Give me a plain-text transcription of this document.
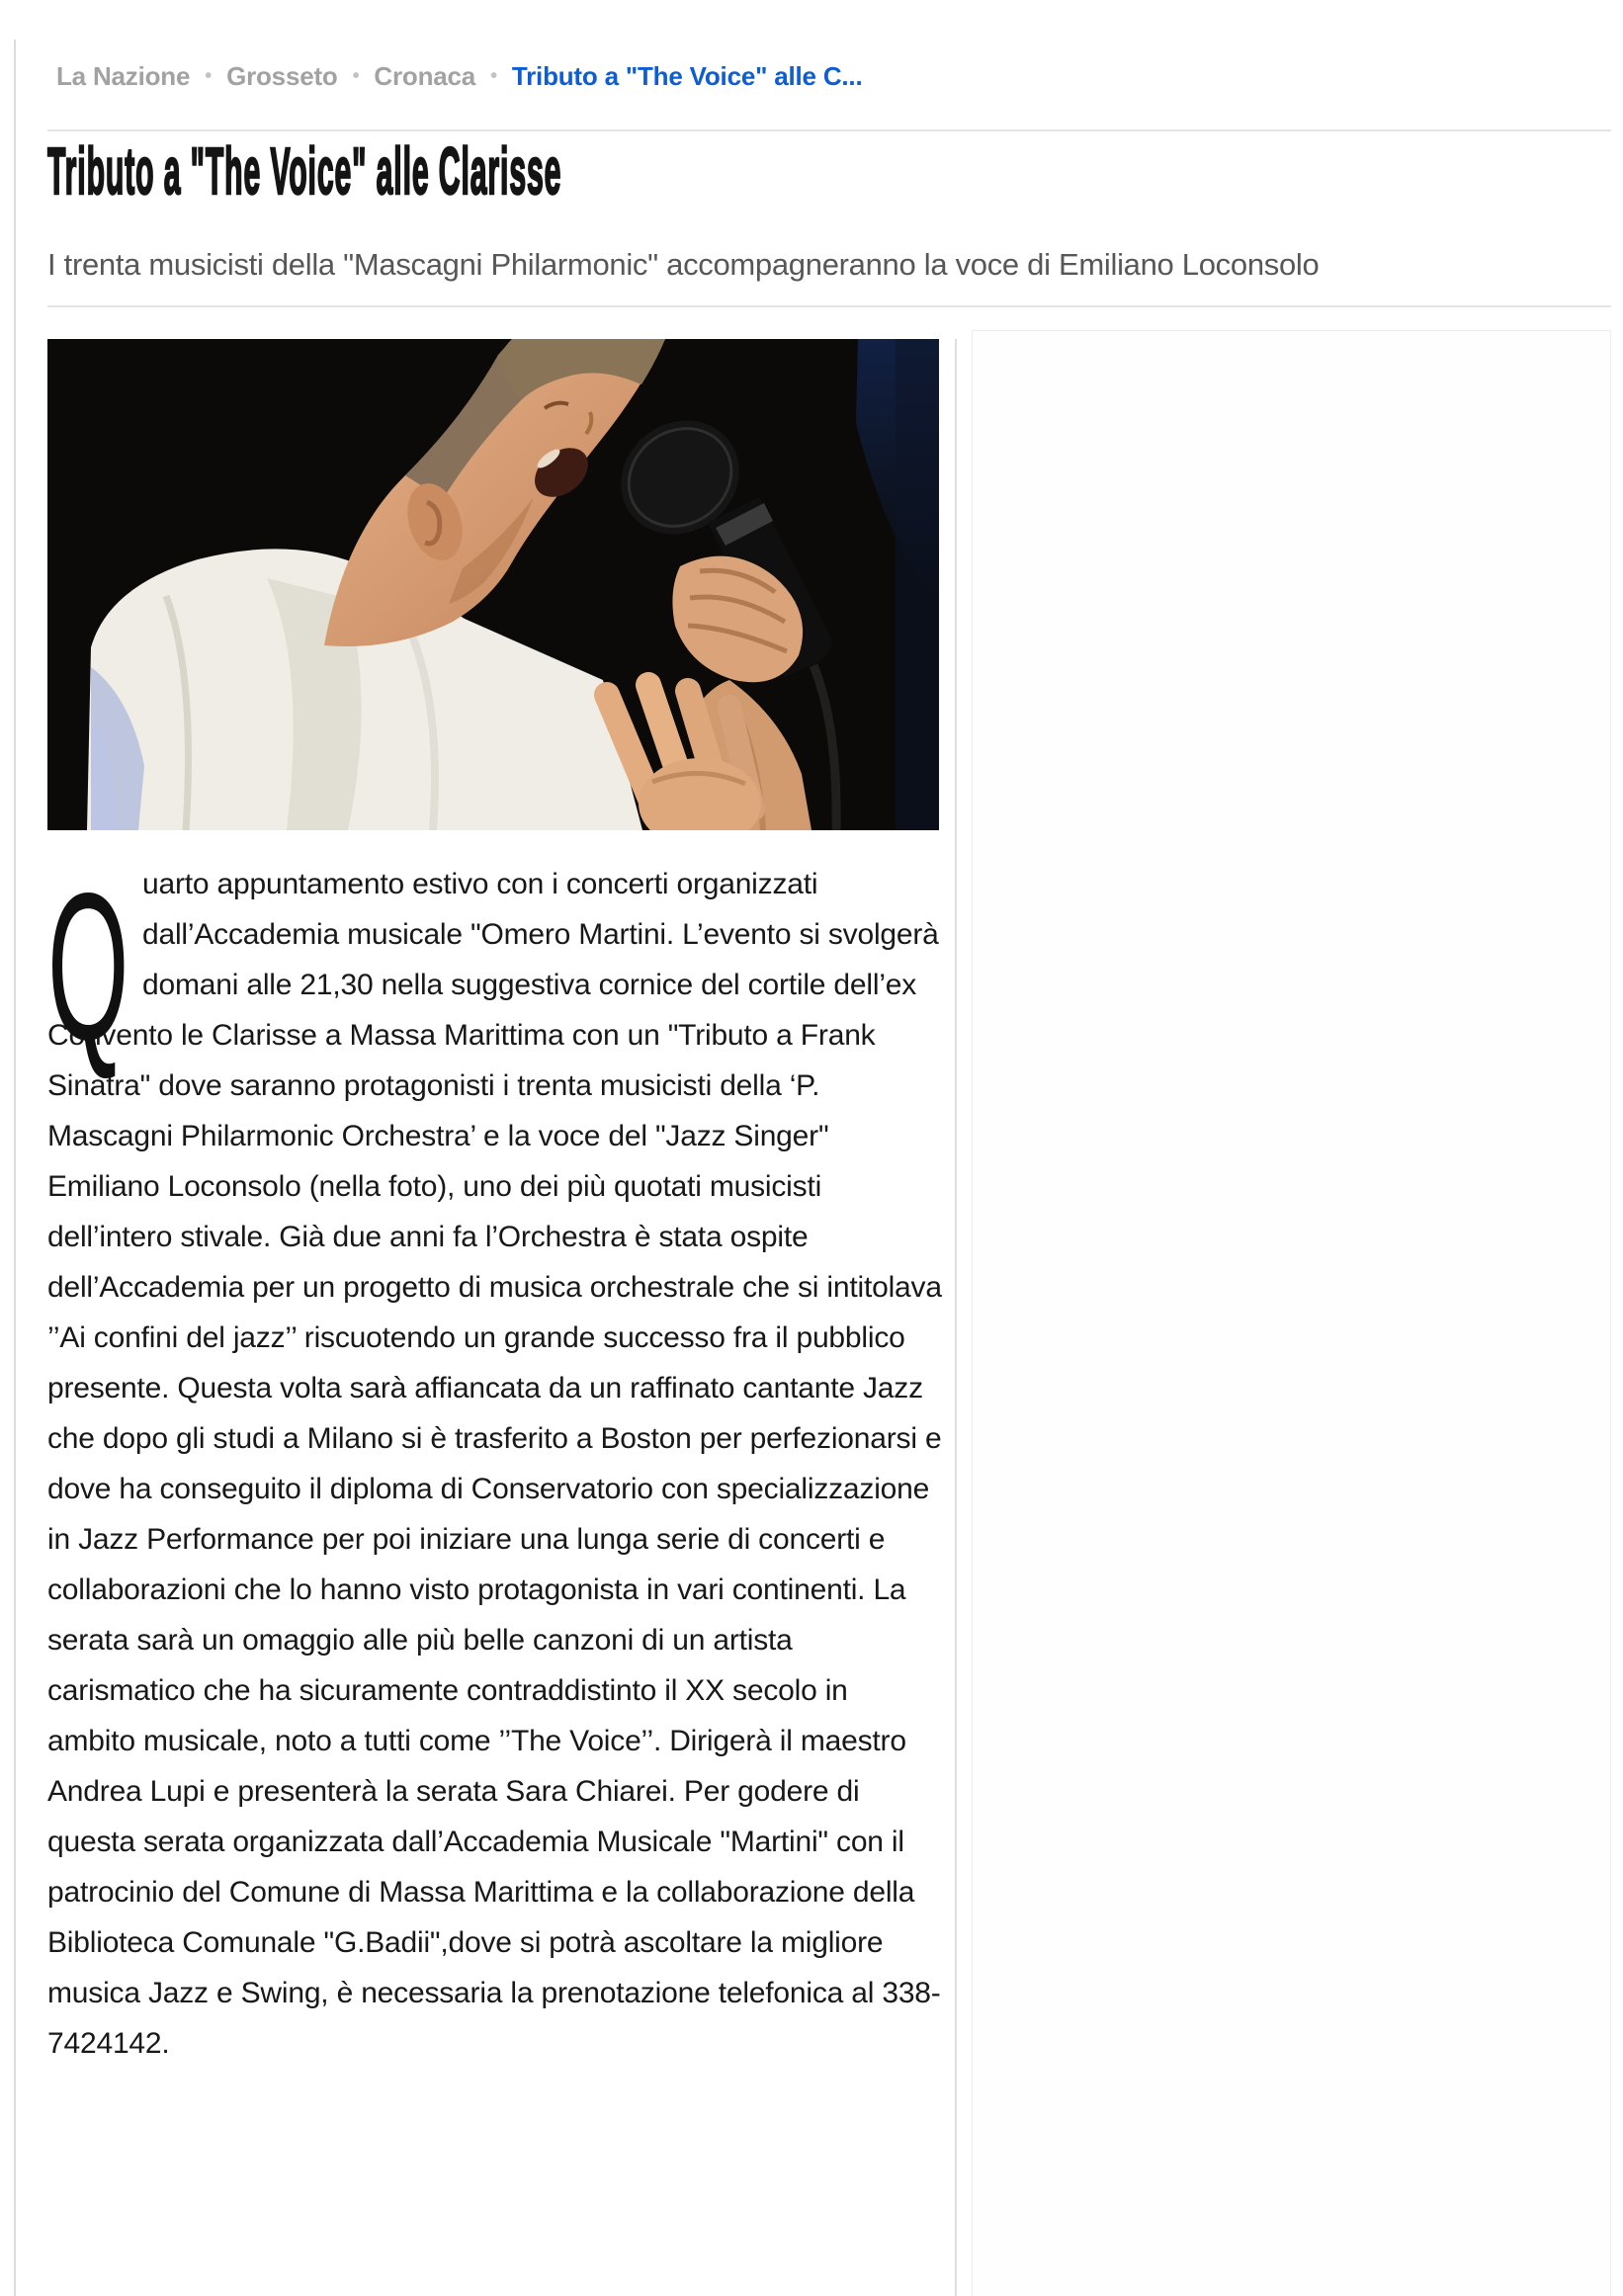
La Nazione • Grosseto • Cronaca • Tributo a "The Voice" alle C...
Tributo a "The Voice" alle Clarisse
I trenta musicisti della "Mascagni Philarmonic" accompagneranno la voce di Emiliano Loconsolo
Q uarto appuntamento estivo con i concerti organizzati dall’Accademia musicale "Omero Martini. L’evento si svolgerà domani alle 21,30 nella suggestiva cornice del cortile dell’ex Convento le Clarisse a Massa Marittima con un "Tributo a Frank Sinatra" dove saranno protagonisti i trenta musicisti della ‘P. Mascagni Philarmonic Orchestra’ e la voce del "Jazz Singer" Emiliano Loconsolo (nella foto), uno dei più quotati musicisti dell’intero stivale. Già due anni fa l’Orchestra è stata ospite dell’Accademia per un progetto di musica orchestrale che si intitolava ’’Ai confini del jazz’’ riscuotendo un grande successo fra il pubblico presente. Questa volta sarà affiancata da un raffinato cantante Jazz che dopo gli studi a Milano si è trasferito a Boston per perfezionarsi e dove ha conseguito il diploma di Conservatorio con specializzazione in Jazz Performance per poi iniziare una lunga serie di concerti e collaborazioni che lo hanno visto protagonista in vari continenti. La serata sarà un omaggio alle più belle canzoni di un artista carismatico che ha sicuramente contraddistinto il XX secolo in ambito musicale, noto a tutti come ’’The Voice’’. Dirigerà il maestro Andrea Lupi e presenterà la serata Sara Chiarei. Per godere di questa serata organizzata dall’Accademia Musicale "Martini" con il patrocinio del Comune di Massa Marittima e la collaborazione della Biblioteca Comunale "G.Badii",dove si potrà ascoltare la migliore musica Jazz e Swing, è necessaria la prenotazione telefonica al 338-7424142.
